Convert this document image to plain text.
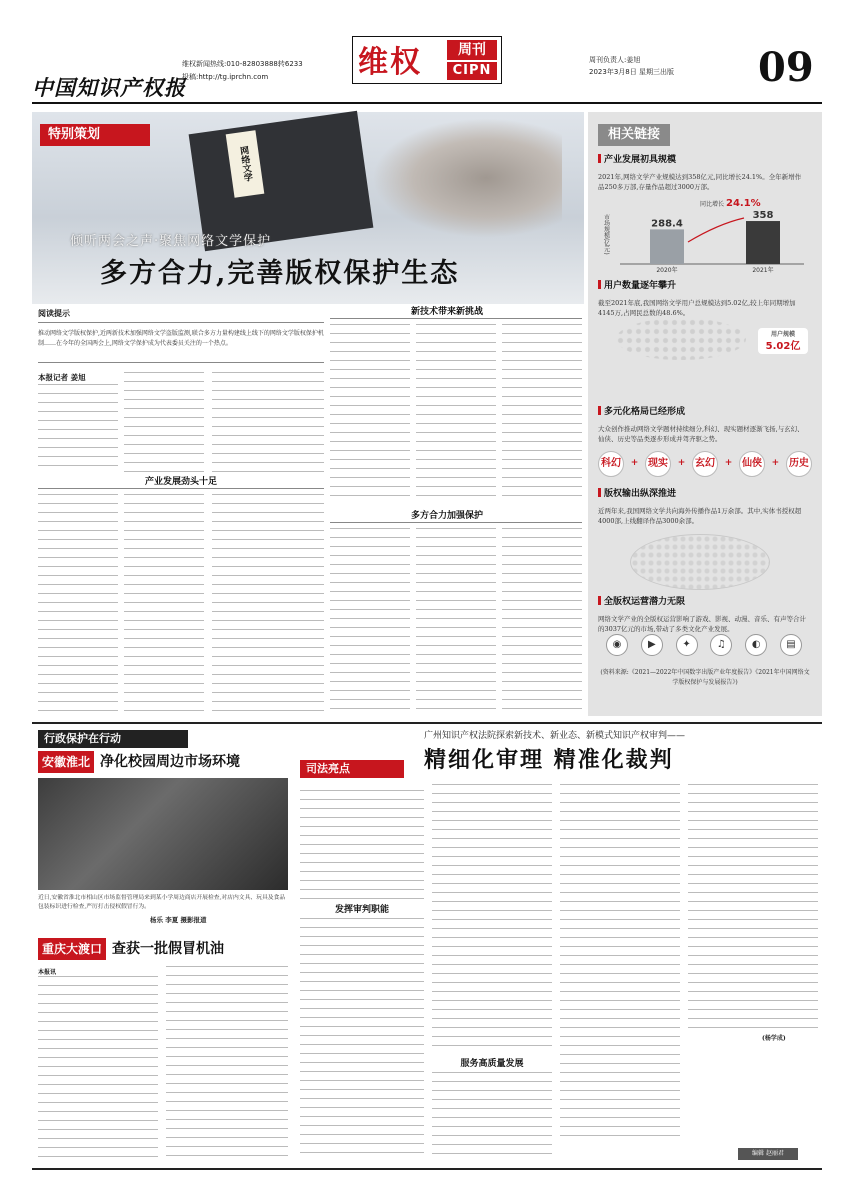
中国知识产权报
维权新闻热线:010-82803888转6233
投稿:http://tg.iprchn.com	维权	周刊
CIPN
周刊负责人:姜旭
2023年3月8日 星期三出版 09
网络文学
特别策划
倾听两会之声·聚焦网络文学保护
多方合力,完善版权保护生态
阅读提示
推动网络文学版权保护,近两新技术加强网络文学盗版监测,联合多方力量构建线上线下的网络文学版权保护机制……在今年的全国两会上,网络文学保护成为代表委员关注的一个热点。
本报记者 姜旭
产业发展劲头十足
新技术带来新挑战
多方合力加强保护
相关链接
产业发展初具规模
2021年,网络文学产业规模达到358亿元,同比增长24.1%。全年新增作品250多万部,存量作品超过3000万部。
市场规模(亿元)	288.4
2020年
358
2021年
同比增长 24.1%
用户数量逐年攀升
截至2021年底,我国网络文学用户总规模达到5.02亿,较上年同期增加4145万,占网民总数的48.6%。
用户规模
5.02亿
多元化格局已经形成
大众创作推动网络文学题材持续细分,科幻、现实题材逐渐飞扬,与玄幻、仙侠、历史等品类逐步形成并驾齐驱之势。
科幻	+ 现实	+ 玄幻	+ 仙侠	+ 历史
版权输出纵深推进
近两年来,我国网络文学共向海外传播作品1万余部。其中,实体书授权超4000部,上线翻译作品3000余部。
全版权运营潜力无限
网络文学产业的全版权运营影响了游戏、影视、动漫、音乐、有声等合计的3037亿元的市场,带动了多类文化产业发展。
◉	▶	✦	♫	◐	▤
(资料来源:《2021—2022年中国数字出版产业年度报告》《2021年中国网络文学版权保护与发展报告》)
行政保护在行动
安徽淮北 净化校园周边市场环境
近日,安徽省淮北市相山区市场监督管理局来到某小学周边商店开展检查,对店内文具、玩具及食品包装标识进行检查,严厉打击侵权假冒行为。
杨乐 李夏 摄影报道
重庆大渡口 查获一批假冒机油
本报讯
司法亮点
广州知识产权法院探索新技术、新业态、新模式知识产权审判——
精细化审理 精准化裁判
发挥审判职能
服务高质量发展
(杨学成)
编辑 赵丽君
